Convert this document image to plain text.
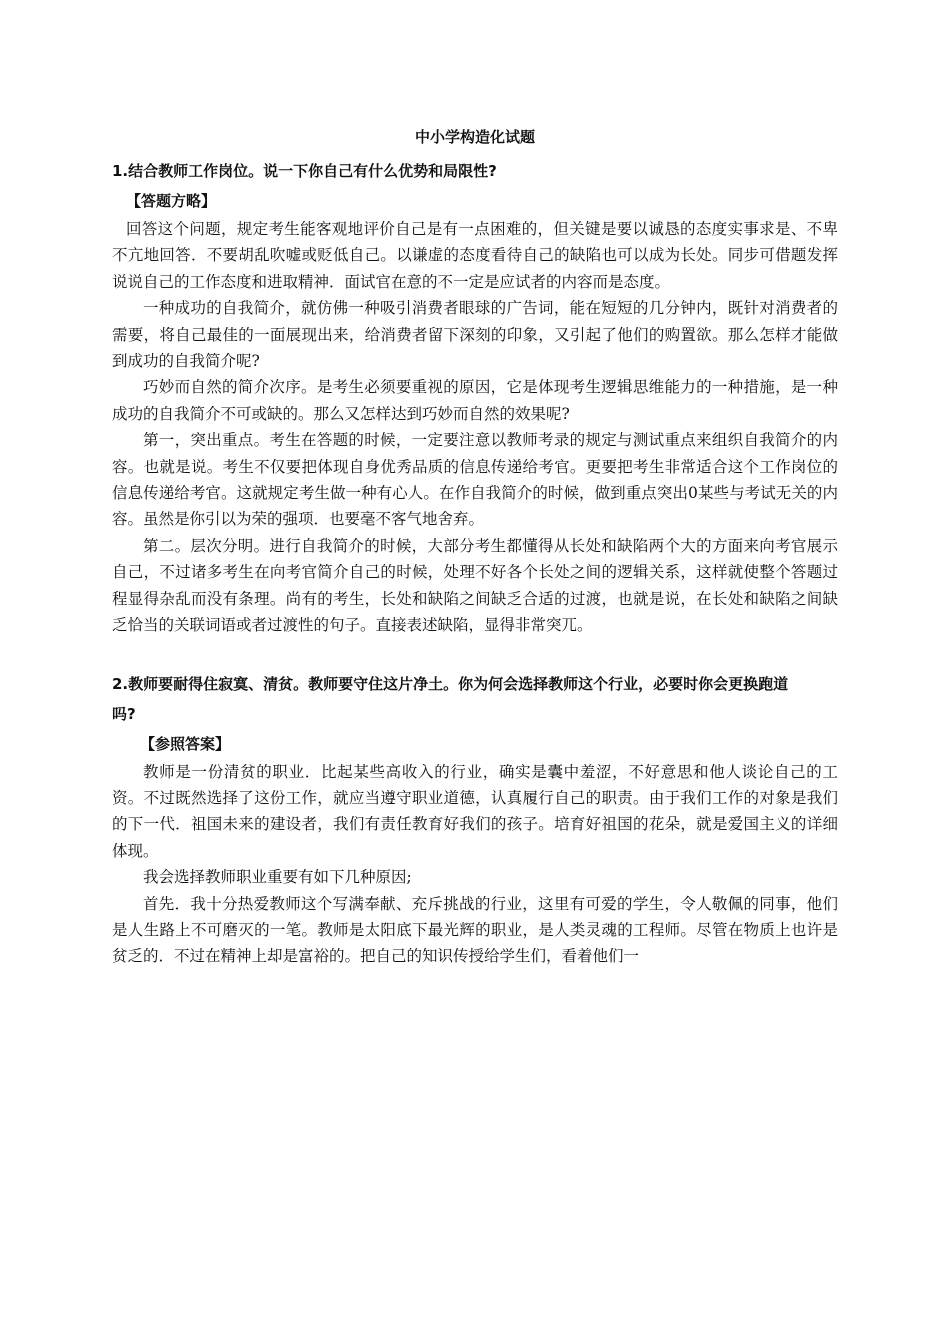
中小学构造化试题
1.结合教师工作岗位。说一下你自己有什么优势和局限性?
【答题方略】

回答这个问题，规定考生能客观地评价自己是有一点困难的，但关键是要以诚恳的态度实事求是、不卑不亢地回答．不要胡乱吹嘘或贬低自己。以谦虚的态度看待自己的缺陷也可以成为长处。同步可借题发挥说说自己的工作态度和进取精神．面试官在意的不一定是应试者的内容而是态度。

一种成功的自我简介，就仿佛一种吸引消费者眼球的广告词，能在短短的几分钟内，既针对消费者的需要，将自己最佳的一面展现出来，给消费者留下深刻的印象，又引起了他们的购置欲。那么怎样才能做到成功的自我简介呢?

巧妙而自然的简介次序。是考生必须要重视的原因，它是体现考生逻辑思维能力的一种措施，是一种成功的自我简介不可或缺的。那么又怎样达到巧妙而自然的效果呢?

第一，突出重点。考生在答题的时候，一定要注意以教师考录的规定与测试重点来组织自我简介的内容。也就是说。考生不仅要把体现自身优秀品质的信息传递给考官。更要把考生非常适合这个工作岗位的信息传递给考官。这就规定考生做一种有心人。在作自我简介的时候，做到重点突出0某些与考试无关的内容。虽然是你引以为荣的强项．也要毫不客气地舍弃。

第二。层次分明。进行自我简介的时候，大部分考生都懂得从长处和缺陷两个大的方面来向考官展示自己，不过诸多考生在向考官简介自己的时候，处理不好各个长处之间的逻辑关系，这样就使整个答题过程显得杂乱而没有条理。尚有的考生，长处和缺陷之间缺乏合适的过渡，也就是说，在长处和缺陷之间缺乏恰当的关联词语或者过渡性的句子。直接表述缺陷，显得非常突兀。

2.教师要耐得住寂寞、清贫。教师要守住这片净土。你为何会选择教师这个行业，必要时你会更换跑道吗?
【参照答案】

教师是一份清贫的职业．比起某些高收入的行业，确实是囊中羞涩，不好意思和他人谈论自己的工资。不过既然选择了这份工作，就应当遵守职业道德，认真履行自己的职责。由于我们工作的对象是我们的下一代．祖国未来的建设者，我们有责任教育好我们的孩子。培育好祖国的花朵，就是爱国主义的详细体现。

我会选择教师职业重要有如下几种原因;

首先．我十分热爱教师这个写满奉献、充斥挑战的行业，这里有可爱的学生，令人敬佩的同事，他们是人生路上不可磨灭的一笔。教师是太阳底下最光辉的职业，是人类灵魂的工程师。尽管在物质上也许是贫乏的．不过在精神上却是富裕的。把自己的知识传授给学生们，看着他们一
